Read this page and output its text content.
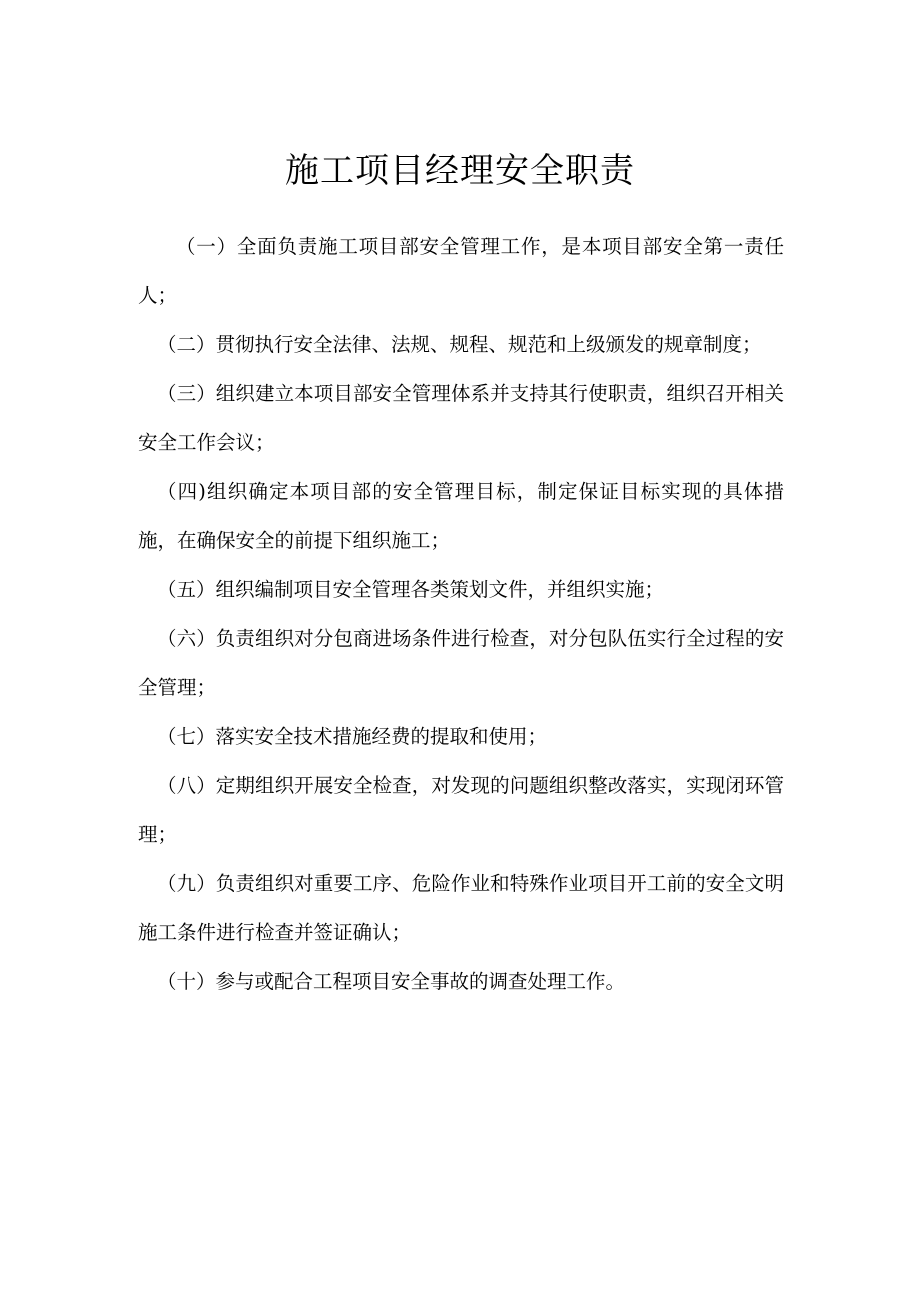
施工项目经理安全职责

（一）全面负责施工项目部安全管理工作，是本项目部安全第一责任人；

（二）贯彻执行安全法律、法规、规程、规范和上级颁发的规章制度；

（三）组织建立本项目部安全管理体系并支持其行使职责，组织召开相关安全工作会议；

（四)组织确定本项目部的安全管理目标，制定保证目标实现的具体措施，在确保安全的前提下组织施工；

（五）组织编制项目安全管理各类策划文件，并组织实施；

（六）负责组织对分包商进场条件进行检查，对分包队伍实行全过程的安全管理；

（七）落实安全技术措施经费的提取和使用；

（八）定期组织开展安全检查，对发现的问题组织整改落实，实现闭环管理；

（九）负责组织对重要工序、危险作业和特殊作业项目开工前的安全文明施工条件进行检查并签证确认；

（十）参与或配合工程项目安全事故的调查处理工作。
